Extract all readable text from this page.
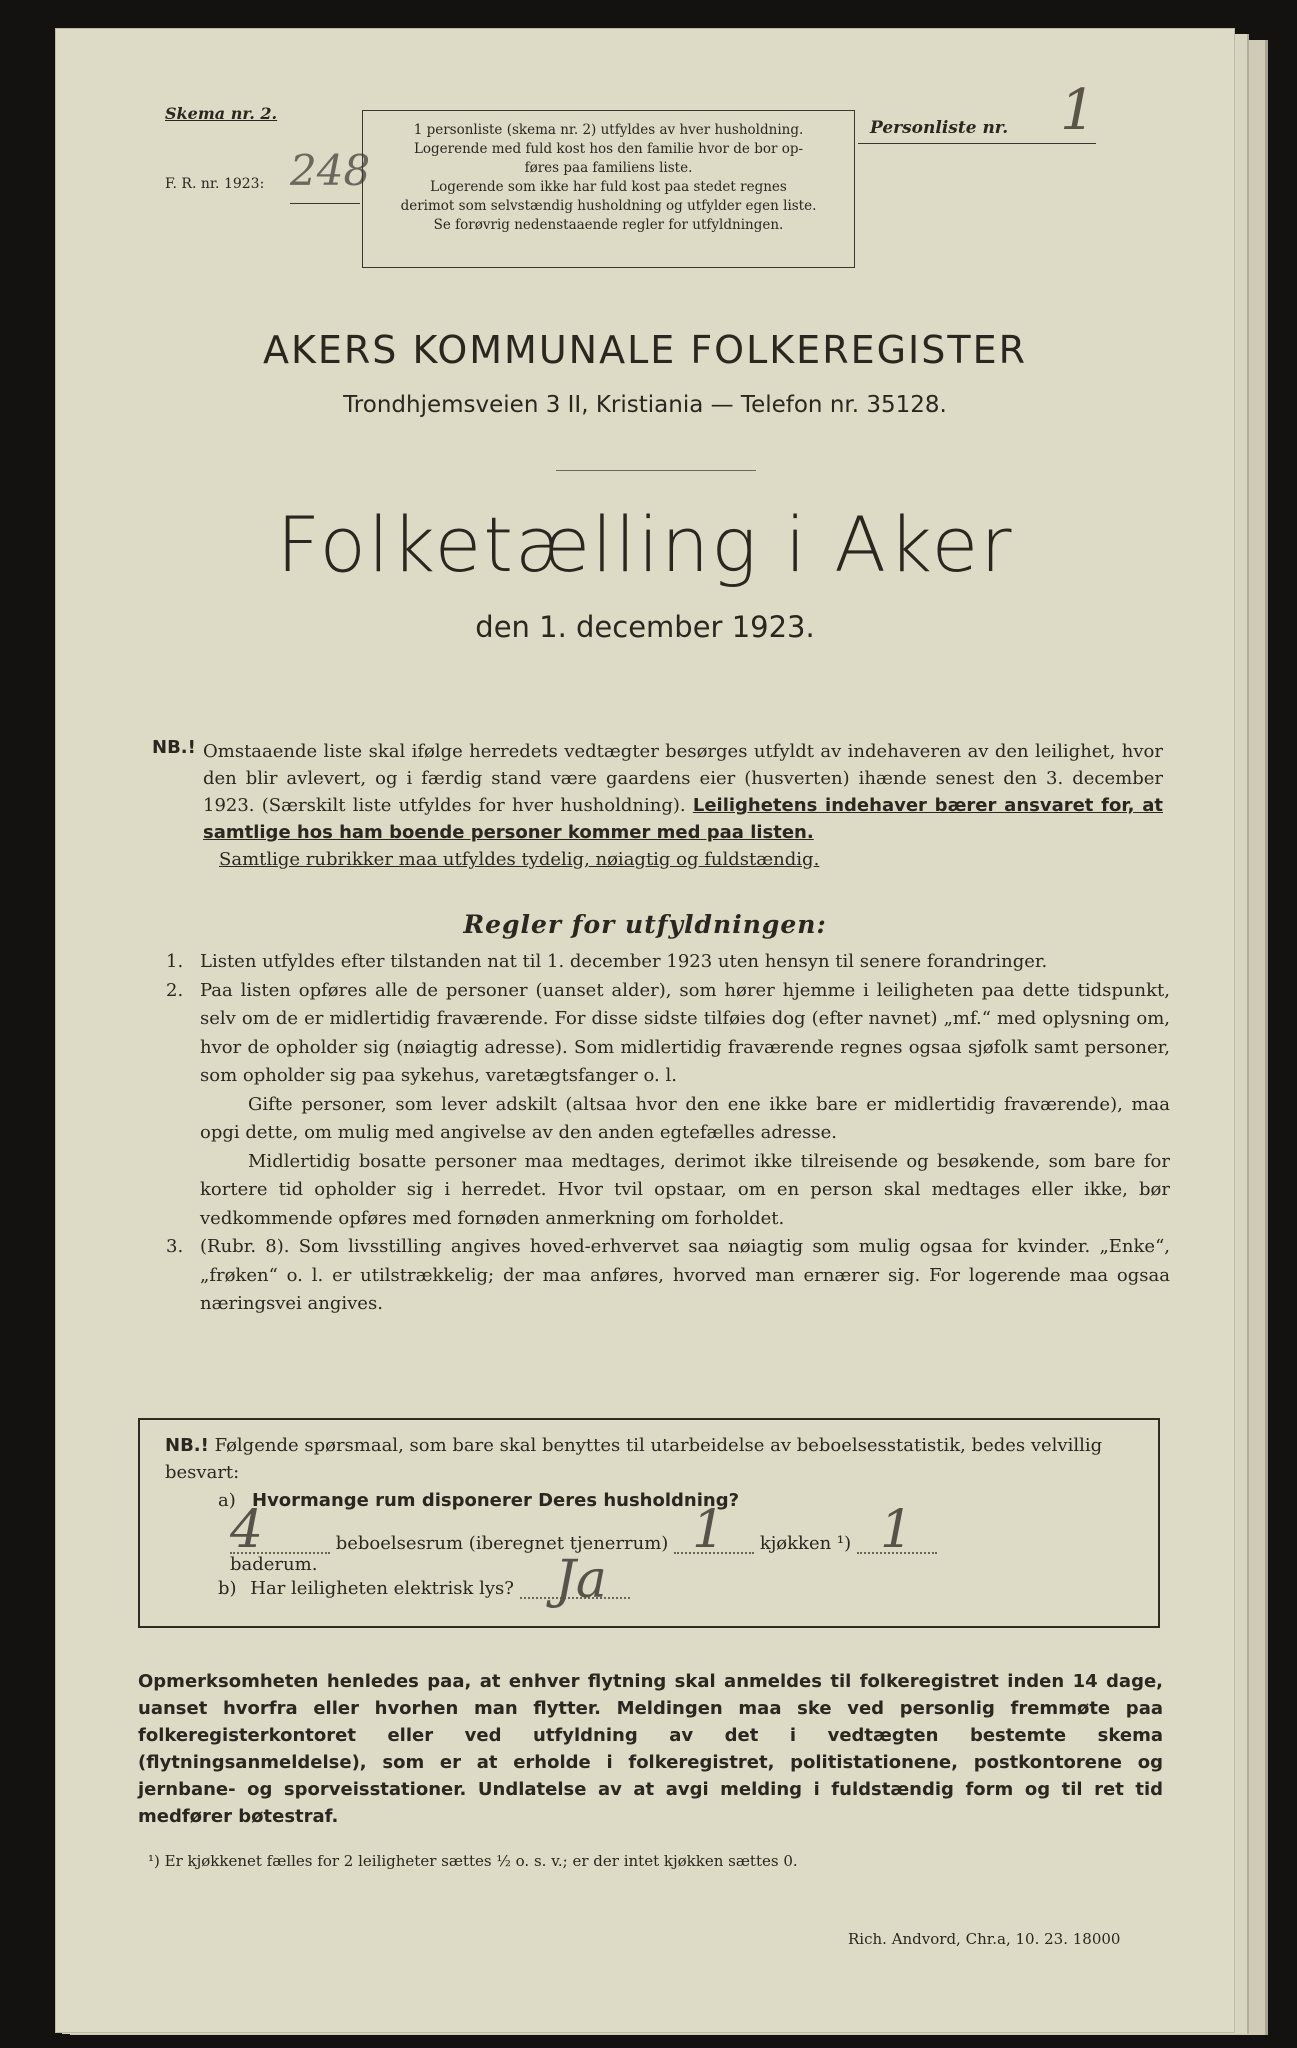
Skema nr. 2.
F. R. nr. 1923: 248
1 personliste (skema nr. 2) utfyldes av hver husholdning.
Logerende med fuld kost hos den familie hvor de bor op-
føres paa familiens liste.
Logerende som ikke har fuld kost paa stedet regnes
derimot som selvstændig husholdning og utfylder egen liste.
Se forøvrig nedenstaaende regler for utfyldningen.
Personliste nr. 1
AKERS KOMMUNALE FOLKEREGISTER
Trondhjemsveien 3 II, Kristiania — Telefon nr. 35128.
Folketælling i Aker
den 1. december 1923.
NB.! Omstaaende liste skal ifølge herredets vedtægter besørges utfyldt av indehaveren av den leilighet, hvor den blir avlevert, og i færdig stand være gaardens eier (husverten) ihænde senest den 3. december 1923. (Særskilt liste utfyldes for hver husholdning). Leilighetens indehaver bærer ansvaret for, at samtlige hos ham boende personer kommer med paa listen.
Samtlige rubrikker maa utfyldes tydelig, nøiagtig og fuldstændig.
Regler for utfyldningen:
1. Listen utfyldes efter tilstanden nat til 1. december 1923 uten hensyn til senere forandringer.
2. Paa listen opføres alle de personer (uanset alder), som hører hjemme i leiligheten paa dette tidspunkt, selv om de er midlertidig fraværende. For disse sidste tilføies dog (efter navnet) „mf.“ med oplysning om, hvor de opholder sig (nøiagtig adresse). Som midlertidig fraværende regnes ogsaa sjøfolk samt personer, som opholder sig paa sykehus, varetægtsfanger o. l.
Gifte personer, som lever adskilt (altsaa hvor den ene ikke bare er midlertidig fraværende), maa opgi dette, om mulig med angivelse av den anden egtefælles adresse.
Midlertidig bosatte personer maa medtages, derimot ikke tilreisende og besøkende, som bare for kortere tid opholder sig i herredet. Hvor tvil opstaar, om en person skal medtages eller ikke, bør vedkommende opføres med fornøden anmerkning om forholdet.
3. (Rubr. 8). Som livsstilling angives hoved-erhvervet saa nøiagtig som mulig ogsaa for kvinder. „Enke“, „frøken“ o. l. er utilstrækkelig; der maa anføres, hvorved man ernærer sig. For logerende maa ogsaa næringsvei angives.
NB.! Følgende spørsmaal, som bare skal benyttes til utarbeidelse av beboelsesstatistik, bedes velvillig besvart:
a) Hvormange rum disponerer Deres husholdning?
beboelsesrum (iberegnet tjenerrum)	kjøkken ¹)  baderum.
4	1	1
b) Har leiligheten elektrisk lys? Ja
Opmerksomheten henledes paa, at enhver flytning skal anmeldes til folkeregistret inden 14 dage, uanset hvorfra eller hvorhen man flytter. Meldingen maa ske ved personlig fremmøte paa folkeregisterkontoret eller ved utfyldning av det i vedtægten bestemte skema (flytningsanmeldelse), som er at erholde i folkeregistret, politistationene, postkontorene og jernbane- og sporveisstationer. Undlatelse av at avgi melding i fuldstændig form og til ret tid medfører bøtestraf.
¹) Er kjøkkenet fælles for 2 leiligheter sættes ½ o. s. v.; er der intet kjøkken sættes 0.
Rich. Andvord, Chr.a, 10. 23. 18000
